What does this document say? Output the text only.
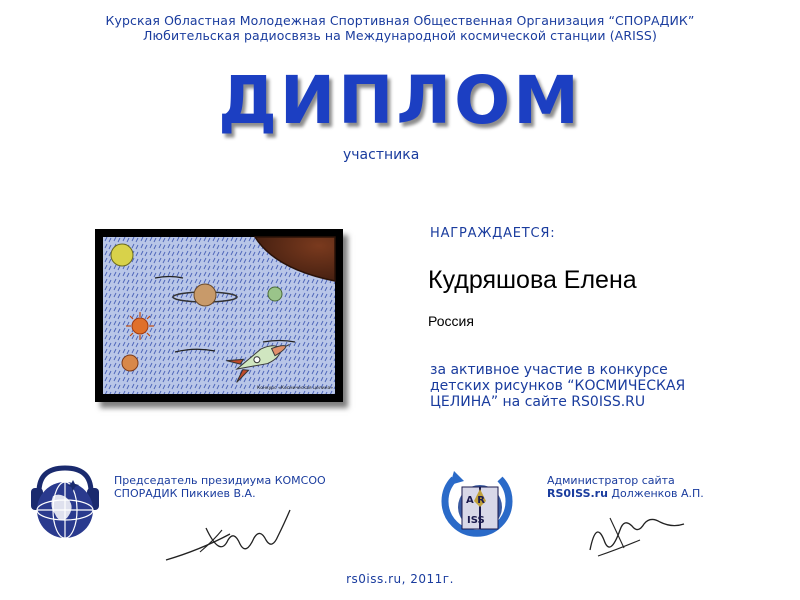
Курская Областная Молодежная Спортивная Общественная Организация “СПОРАДИК”
Любительская радиосвязь на Международной космической станции (ARISS)
ДИПЛОМ
участника
Конкурс «Космическая целина»
НАГРАЖДАЕТСЯ:
Кудряшова Елена
Россия
за активное участие в конкурсе
детских рисунков “КОСМИЧЕСКАЯ
ЦЕЛИНА” на сайте RS0ISS.RU
Председатель президиума КОМСОО
СПОРАДИК Пиккиев В.А.
A R
ISS
Администратор сайта
RS0ISS.ru Долженков А.П.
rs0iss.ru, 2011г.
